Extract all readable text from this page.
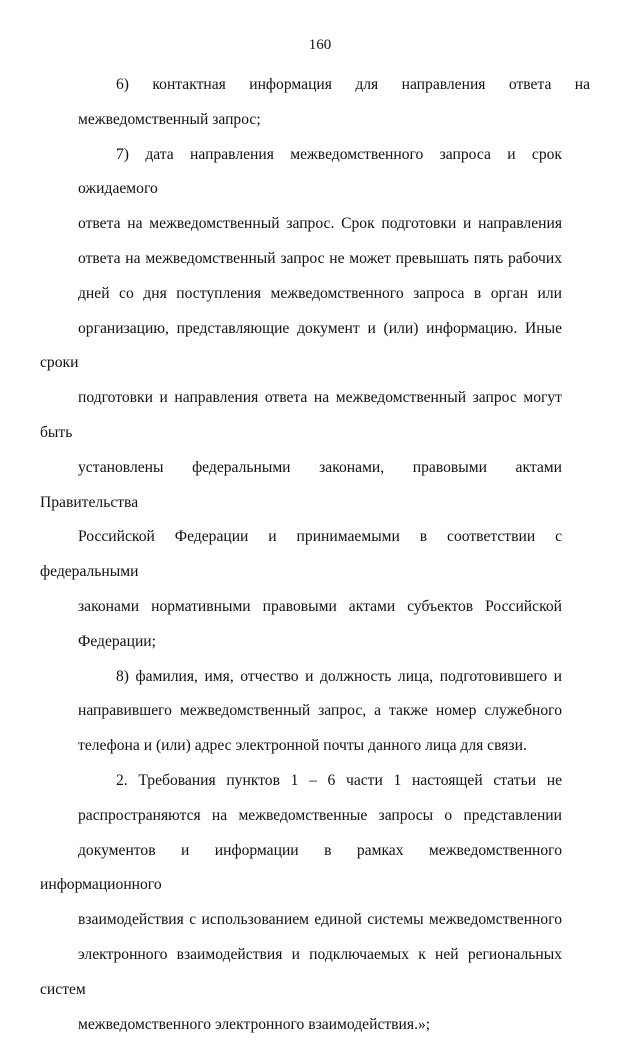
160

6)      контактная      информация      для      направления      ответа      на
межведомственный запрос;

7) дата направления межведомственного запроса и срок ожидаемого
ответа на межведомственный запрос. Срок подготовки и направления
ответа на межведомственный запрос не может превышать пять рабочих
дней со дня поступления межведомственного запроса в орган или
организацию, представляющие документ и (или) информацию. Иные сроки
подготовки и направления ответа на межведомственный запрос могут быть
установлены федеральными законами, правовыми актами Правительства
Российской Федерации и принимаемыми в соответствии с федеральными
законами нормативными правовыми актами субъектов Российской
Федерации;

8) фамилия, имя, отчество и должность лица, подготовившего и
направившего межведомственный запрос, а также номер служебного
телефона и (или) адрес электронной почты данного лица для связи.

2. Требования пунктов 1 – 6 части 1 настоящей статьи не
распространяются на межведомственные запросы о представлении
документов и информации в рамках межведомственного информационного
взаимодействия с использованием единой системы межведомственного
электронного взаимодействия и подключаемых к ней региональных систем
межведомственного электронного взаимодействия.»;
